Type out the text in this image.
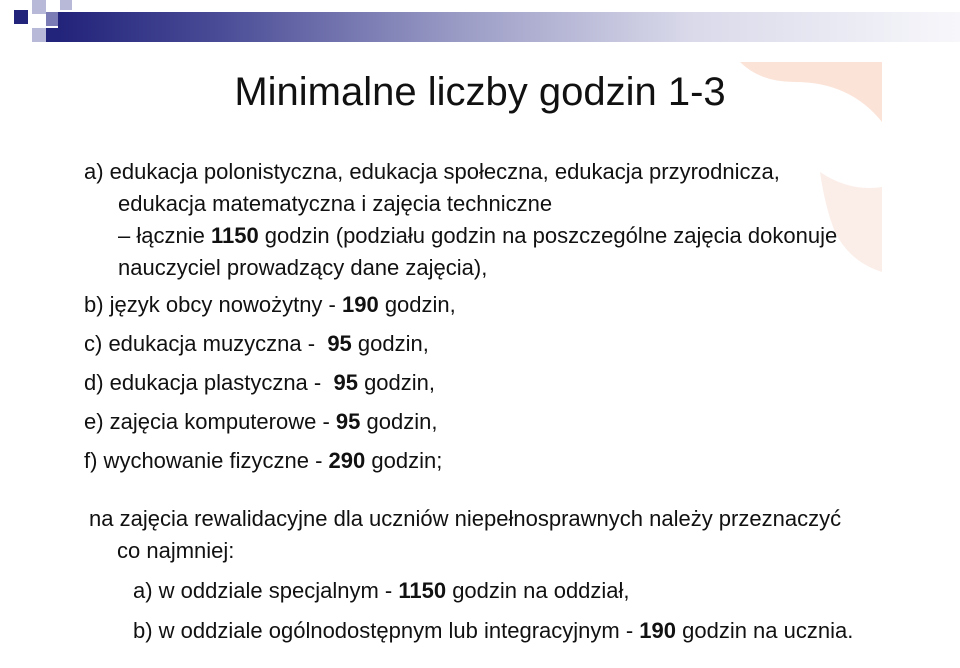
Minimalne liczby godzin 1-3
a) edukacja polonistyczna, edukacja społeczna, edukacja przyrodnicza,
edukacja matematyczna i zajęcia techniczne
– łącznie 1150 godzin (podziału godzin na poszczególne zajęcia dokonuje
nauczyciel prowadzący dane zajęcia),
b) język obcy nowożytny - 190 godzin,
c) edukacja muzyczna -  95 godzin,
d) edukacja plastyczna -  95 godzin,
e) zajęcia komputerowe - 95 godzin,
f) wychowanie fizyczne - 290 godzin;
na zajęcia rewalidacyjne dla uczniów niepełnosprawnych należy przeznaczyć
co najmniej:
a) w oddziale specjalnym - 1150 godzin na oddział,
b) w oddziale ogólnodostępnym lub integracyjnym - 190 godzin na ucznia.
